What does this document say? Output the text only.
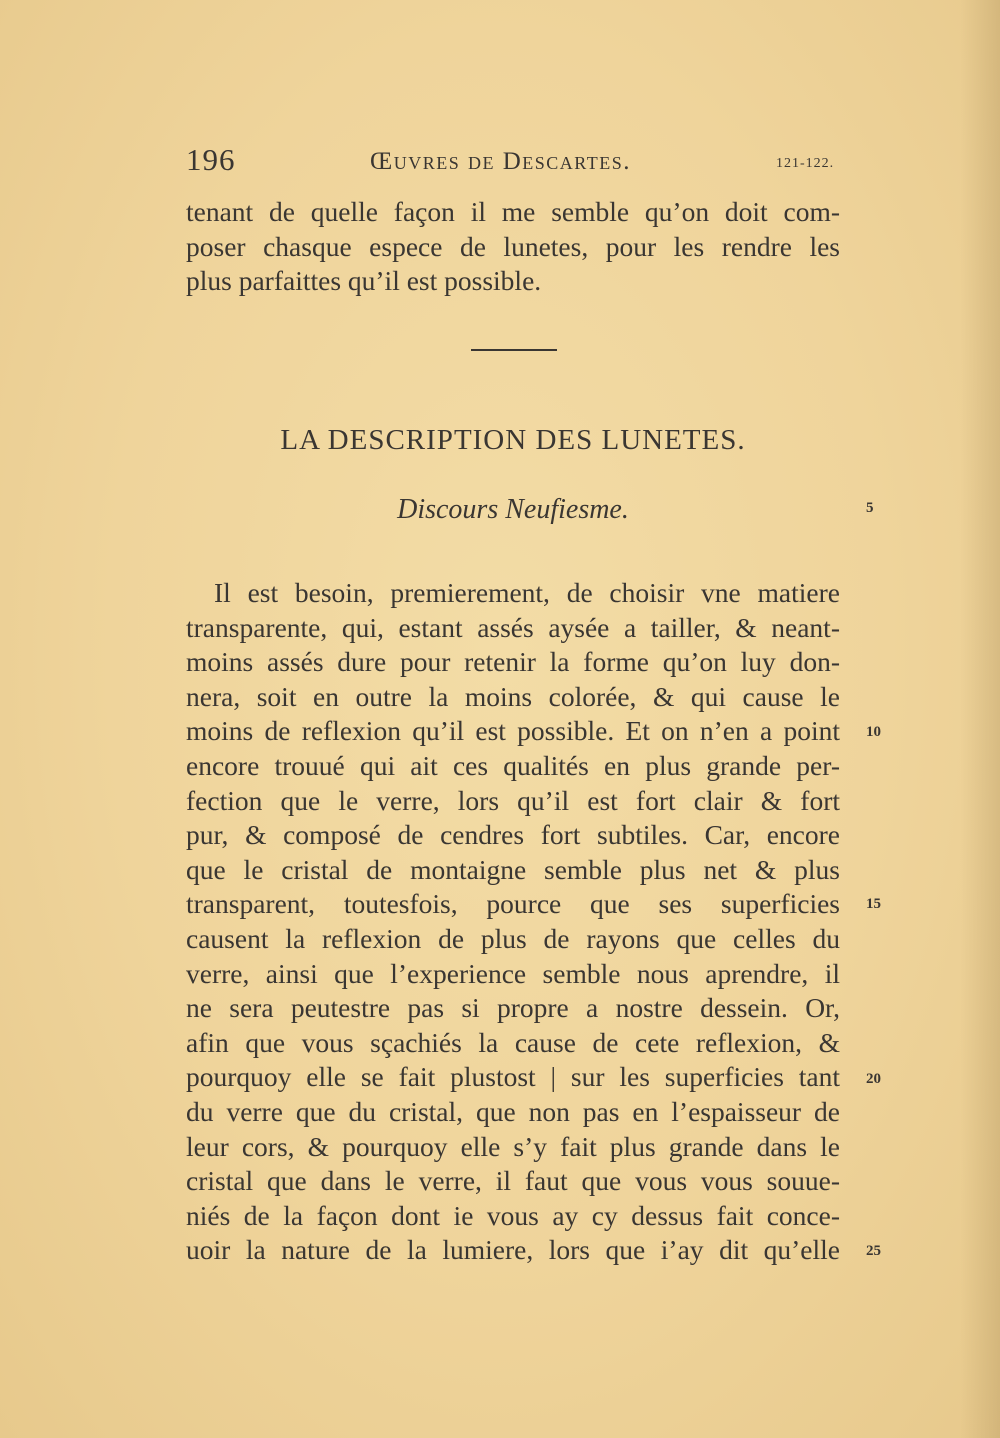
196	Œuvres de Descartes.	121-122.
tenant de quelle façon il me semble qu’on doit com-
poser chasque espece de lunetes, pour les rendre les
plus parfaittes qu’il est possible.
LA DESCRIPTION DES LUNETES.
Discours Neufiesme.
Il est besoin, premierement, de choisir vne matiere
transparente, qui, estant assés aysée a tailler, & neant-
moins assés dure pour retenir la forme qu’on luy don-
nera, soit en outre la moins colorée, & qui cause le
moins de reflexion qu’il est possible. Et on n’en a point
encore trouué qui ait ces qualités en plus grande per-
fection que le verre, lors qu’il est fort clair & fort
pur, & composé de cendres fort subtiles. Car, encore
que le cristal de montaigne semble plus net & plus
transparent, toutesfois, pource que ses superficies
causent la reflexion de plus de rayons que celles du
verre, ainsi que l’experience semble nous aprendre, il
ne sera peutestre pas si propre a nostre dessein. Or,
afin que vous sçachiés la cause de cete reflexion, &
pourquoy elle se fait plustost | sur les superficies tant
du verre que du cristal, que non pas en l’espaisseur de
leur cors, & pourquoy elle s’y fait plus grande dans le
cristal que dans le verre, il faut que vous vous souue-
niés de la façon dont ie vous ay cy dessus fait conce-
uoir la nature de la lumiere, lors que i’ay dit qu’elle
5
10
15
20
25
